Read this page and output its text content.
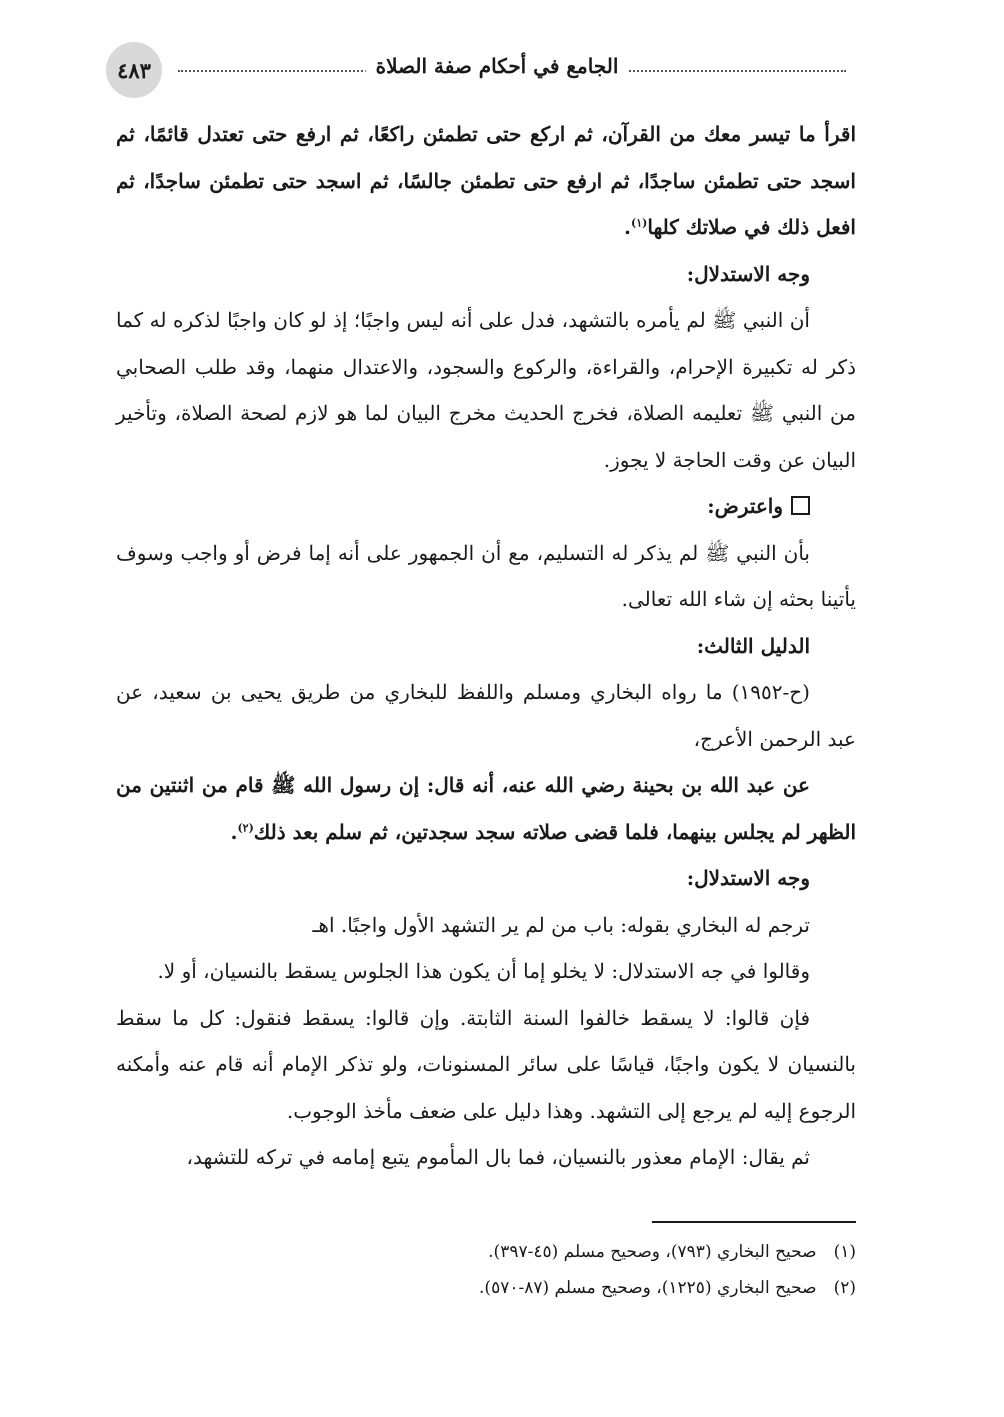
٤٨٣	الجامع في أحكام صفة الصلاة

اقرأ ما تيسر معك من القرآن، ثم اركع حتى تطمئن راكعًا، ثم ارفع حتى تعتدل قائمًا، ثم اسجد حتى تطمئن ساجدًا، ثم ارفع حتى تطمئن جالسًا، ثم اسجد حتى تطمئن ساجدًا، ثم افعل ذلك في صلاتك كلها$^{(١)}$.

وجه الاستدلال:

أن النبي ﷺ لم يأمره بالتشهد، فدل على أنه ليس واجبًا؛ إذ لو كان واجبًا لذكره له كما ذكر له تكبيرة الإحرام، والقراءة، والركوع والسجود، والاعتدال منهما، وقد طلب الصحابي من النبي ﷺ تعليمه الصلاة، فخرج الحديث مخرج البيان لما هو لازم لصحة الصلاة، وتأخير البيان عن وقت الحاجة لا يجوز.

واعترض:

بأن النبي ﷺ لم يذكر له التسليم، مع أن الجمهور على أنه إما فرض أو واجب وسوف يأتينا بحثه إن شاء الله تعالى.

الدليل الثالث:

(ح-١٩٥٢) ما رواه البخاري ومسلم واللفظ للبخاري من طريق يحيى بن سعيد، عن عبد الرحمن الأعرج،

عن عبد الله بن بحينة رضي الله عنه، أنه قال: إن رسول الله ﷺ قام من اثنتين من الظهر لم يجلس بينهما، فلما قضى صلاته سجد سجدتين، ثم سلم بعد ذلك$^{(٢)}$.

وجه الاستدلال:

ترجم له البخاري بقوله: باب من لم ير التشهد الأول واجبًا. اهـ

وقالوا في جه الاستدلال: لا يخلو إما أن يكون هذا الجلوس يسقط بالنسيان، أو لا.

فإن قالوا: لا يسقط خالفوا السنة الثابتة. وإن قالوا: يسقط فنقول: كل ما سقط بالنسيان لا يكون واجبًا، قياسًا على سائر المسنونات، ولو تذكر الإمام أنه قام عنه وأمكنه الرجوع إليه لم يرجع إلى التشهد. وهذا دليل على ضعف مأخذ الوجوب.

ثم يقال: الإمام معذور بالنسيان، فما بال المأموم يتبع إمامه في تركه للتشهد،

(١) صحيح البخاري (٧٩٣)، وصحيح مسلم (٤٥-٣٩٧).
(٢) صحيح البخاري (١٢٢٥)، وصحيح مسلم (٨٧-٥٧٠).
